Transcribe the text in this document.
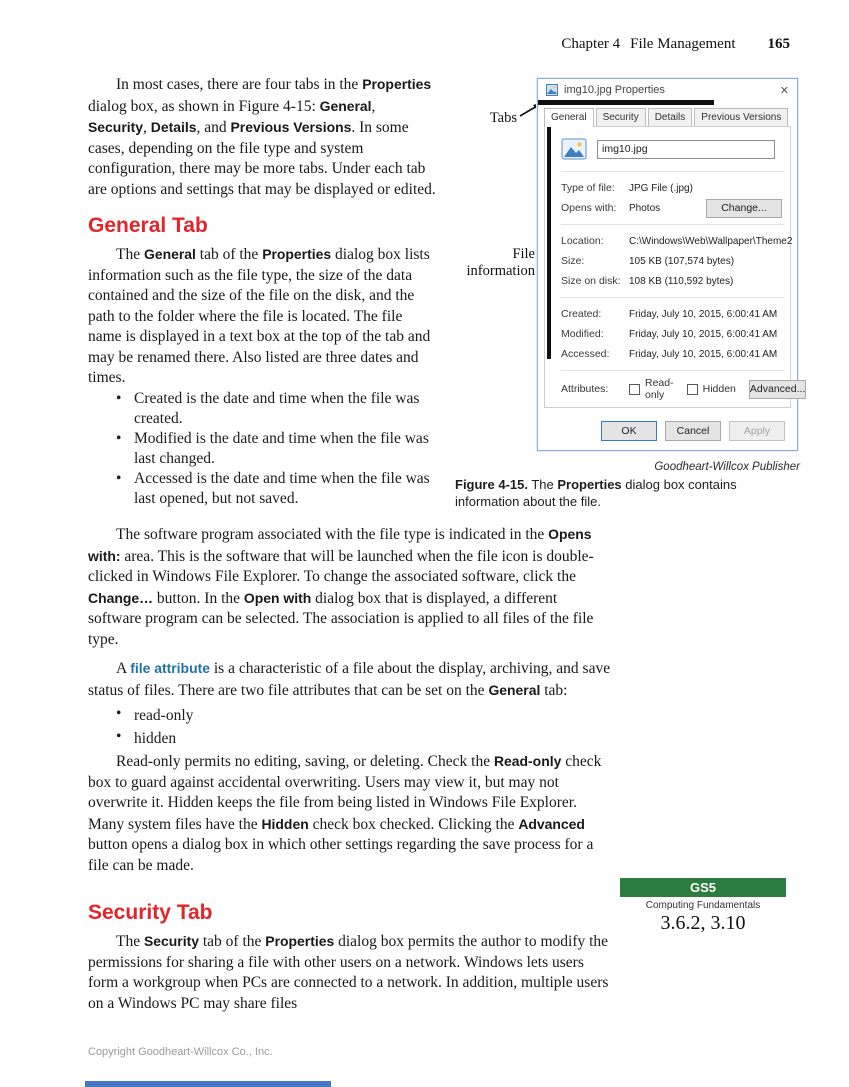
Chapter 4 File Management 165

In most cases, there are four tabs in the Properties dialog box, as shown in Figure 4-15: General, Security, Details, and Previous Versions. In some cases, depending on the file type and system configuration, there may be more tabs. Under each tab are options and settings that may be displayed or edited.

General Tab

The General tab of the Properties dialog box lists information such as the file type, the size of the data contained and the size of the file on the disk, and the path to the folder where the file is located. The file name is displayed in a text box at the top of the tab and may be renamed there. Also listed are three dates and times.

• Created is the date and time when the file was created.
• Modified is the date and time when the file was last changed.
• Accessed is the date and time when the file was last opened, but not saved.

The software program associated with the file type is indicated in the Opens with: area. This is the software that will be launched when the file icon is double-clicked in Windows File Explorer. To change the associated software, click the Change… button. In the Open with dialog box that is displayed, a different software program can be selected. The association is applied to all files of the file type.

A file attribute is a characteristic of a file about the display, archiving, and save status of files. There are two file attributes that can be set on the General tab:

• read-only
• hidden

Read-only permits no editing, saving, or deleting. Check the Read-only check box to guard against accidental overwriting. Users may view it, but may not overwrite it. Hidden keeps the file from being listed in Windows File Explorer. Many system files have the Hidden check box checked. Clicking the Advanced button opens a dialog box in which other settings regarding the save process for a file can be made.

Security Tab

The Security tab of the Properties dialog box permits the author to modify the permissions for sharing a file with other users on a network. Windows lets users form a workgroup when PCs are connected to a network. In addition, multiple users on a Windows PC may share files

Tabs
File
information
img10.jpg Properties	✕
General	Security	Details	Previous Versions
img10.jpg
Type of file:	JPG File (.jpg)
Opens with:	Photos	Change...
Location:	C:\Windows\Web\Wallpaper\Theme2
Size:	105 KB (107,574 bytes)
Size on disk: 108 KB (110,592 bytes)
Created:	Friday, July 10, 2015, 6:00:41 AM
Modified:	Friday, July 10, 2015, 6:00:41 AM
Accessed:	Friday, July 10, 2015, 6:00:41 AM
Attributes:	Read-only	Hidden Advanced...
OK	Cancel	Apply
Goodheart-Willcox Publisher
Figure 4-15. The Properties dialog box contains information about the file.
GS5
Computing Fundamentals
3.6.2, 3.10
Copyright Goodheart-Willcox Co., Inc.
